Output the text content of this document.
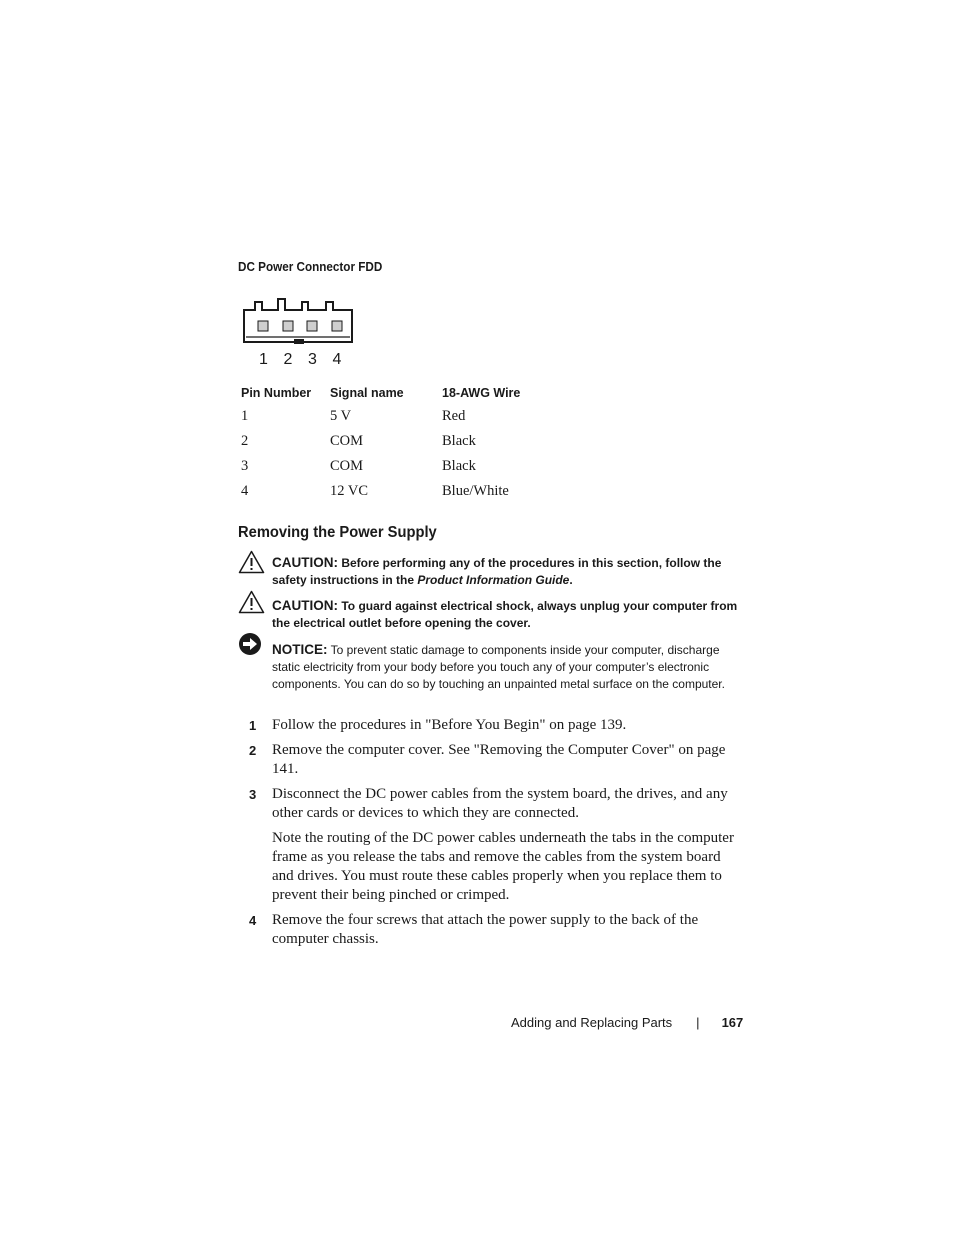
DC Power Connector FDD
1 2 3 4
Pin Number	Signal name	18-AWG Wire
1	5 V	Red
2	COM	Black
3	COM	Black
4	12 VC	Blue/White
Removing the Power Supply
CAUTION: Before performing any of the procedures in this section, follow the safety instructions in the Product Information Guide.
CAUTION: To guard against electrical shock, always unplug your computer from the electrical outlet before opening the cover.
NOTICE: To prevent static damage to components inside your computer, discharge static electricity from your body before you touch any of your computer’s electronic components. You can do so by touching an unpainted metal surface on the computer.
1 Follow the procedures in "Before You Begin" on page 139.

2 Remove the computer cover. See "Removing the Computer Cover" on page 141.

3 Disconnect the DC power cables from the system board, the drives, and any other cards or devices to which they are connected.

Note the routing of the DC power cables underneath the tabs in the computer frame as you release the tabs and remove the cables from the system board and drives. You must route these cables properly when you replace them to prevent their being pinched or crimped.

4 Remove the four screws that attach the power supply to the back of the computer chassis.

Adding and Replacing Parts | 167
